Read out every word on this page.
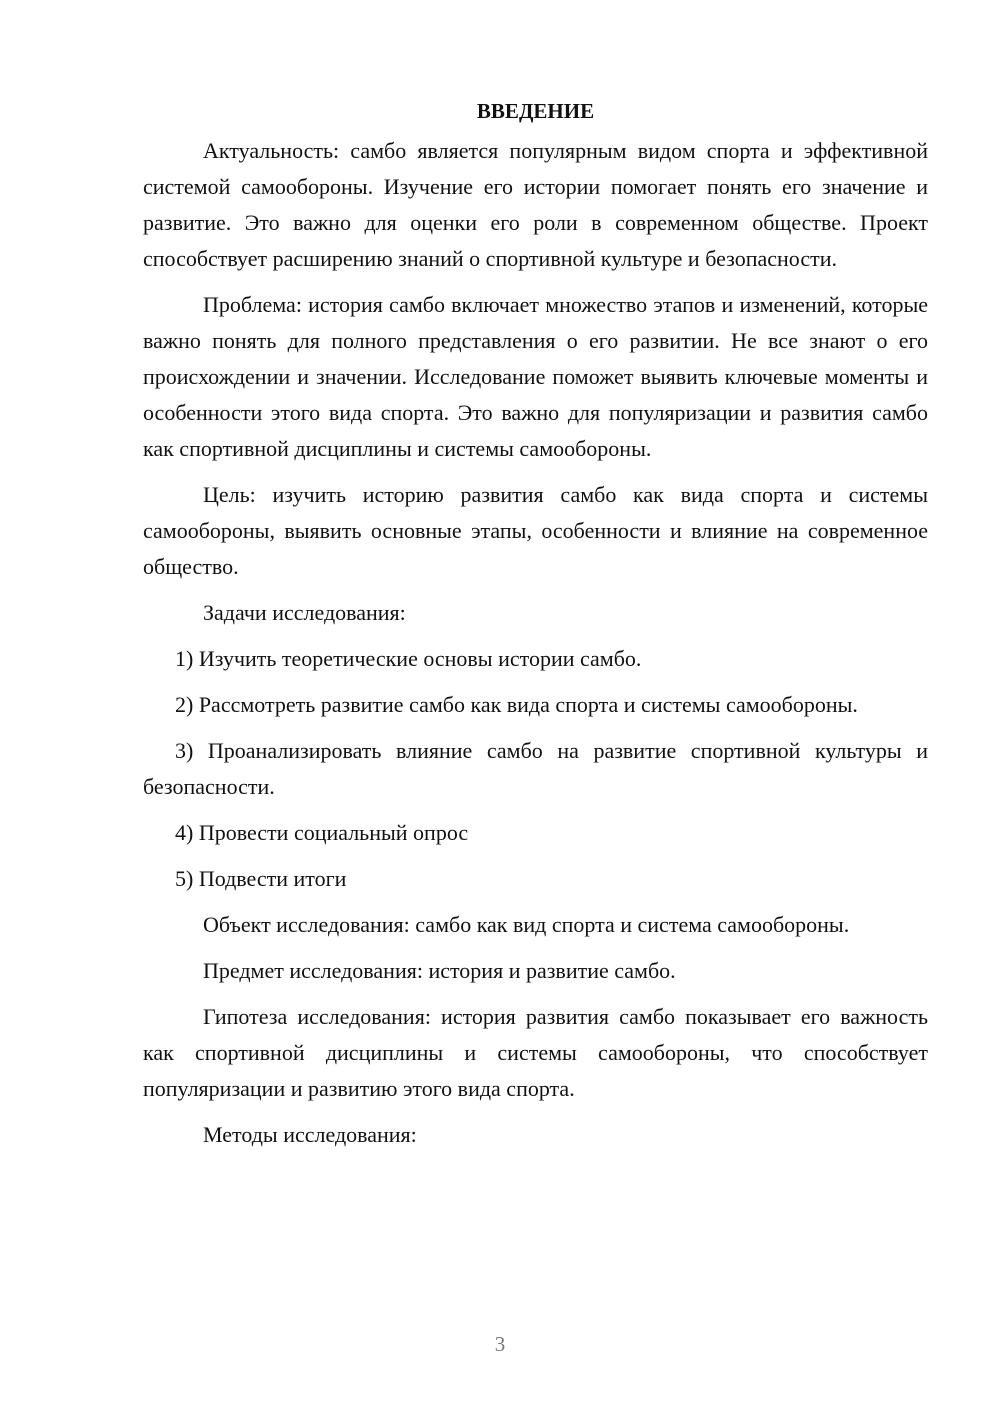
ВВЕДЕНИЕ

Актуальность: самбо является популярным видом спорта и эффективной системой самообороны. Изучение его истории помогает понять его значение и развитие. Это важно для оценки его роли в современном обществе. Проект способствует расширению знаний о спортивной культуре и безопасности.

Проблема: история самбо включает множество этапов и изменений, которые важно понять для полного представления о его развитии. Не все знают о его происхождении и значении. Исследование поможет выявить ключевые моменты и особенности этого вида спорта. Это важно для популяризации и развития самбо как спортивной дисциплины и системы самообороны.

Цель: изучить историю развития самбо как вида спорта и системы самообороны, выявить основные этапы, особенности и влияние на современное общество.

Задачи исследования:

1) Изучить теоретические основы истории самбо.

2) Рассмотреть развитие самбо как вида спорта и системы самообороны.

3) Проанализировать влияние самбо на развитие спортивной культуры и безопасности.

4) Провести социальный опрос

5) Подвести итоги

Объект исследования: самбо как вид спорта и система самообороны.

Предмет исследования: история и развитие самбо.

Гипотеза исследования: история развития самбо показывает его важность как спортивной дисциплины и системы самообороны, что способствует популяризации и развитию этого вида спорта.

Методы исследования:

3
